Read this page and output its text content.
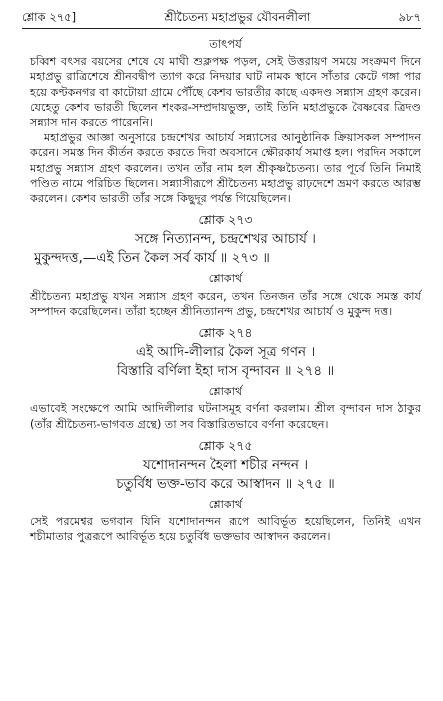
শ্লোক ২৭৫]	শ্রীচৈতন্য মহাপ্রভুর যৌবনলীলা	৯৮৭
তাৎপর্য

চব্বিশ বৎসর বয়সের শেষে যে মাঘী শুক্লপক্ষ পড়ল, সেই উত্তরায়ণ সময়ে সংক্রমণ দিনে মহাপ্রভু রাত্রিশেষে শ্রীনবদ্বীপ ত্যাগ করে নিদয়ার ঘাট নামক স্থানে সাঁতার কেটে গঙ্গা পার হয়ে কণ্টকনগর বা কাটোয়া গ্রামে পৌঁছে কেশব ভারতীর কাছে একদণ্ড সন্ন্যাস গ্রহণ করেন। যেহেতু কেশব ভারতী ছিলেন শংকর-সম্প্রদায়ভুক্ত, তাই তিনি মহাপ্রভুকে বৈষ্ণবের ত্রিদণ্ড সন্ন্যাস দান করতে পারেননি।

মহাপ্রভুর আজ্ঞা অনুসারে চন্দ্রশেখর আচার্য সন্ন্যাসের আনুষ্ঠানিক ক্রিয়াসকল সম্পাদন করেন। সমস্ত দিন কীর্তন করতে করতে দিবা অবসানে ক্ষৌরকার্য সমাপ্ত হল। পরদিন সকালে মহাপ্রভু সন্ন্যাস গ্রহণ করলেন। তখন তাঁর নাম হল শ্রীকৃষ্ণচৈতন্য। তার পূর্বে তিনি নিমাই পণ্ডিত নামে পরিচিত ছিলেন। সন্ন্যাসীরূপে শ্রীচৈতন্য মহাপ্রভু রাঢ়দেশে ভ্রমণ করতে আরম্ভ করলেন। কেশব ভারতী তাঁর সঙ্গে কিছুদূর পর্যন্ত গিয়েছিলেন।

শ্লোক ২৭৩
সঙ্গে নিত্যানন্দ, চন্দ্রশেখর আচার্য ।
মুকুন্দদত্ত,—এই তিন কৈল সর্ব কার্য ॥ ২৭৩ ॥
শ্লোকার্থ

শ্রীচৈতন্য মহাপ্রভু যখন সন্ন্যাস গ্রহণ করেন, তখন তিনজন তাঁর সঙ্গে থেকে সমস্ত কার্য সম্পাদন করেছিলেন। তাঁরা হচ্ছেন শ্রীনিত্যানন্দ প্রভু, চন্দ্রশেখর আচার্য ও মুকুন্দ দত্ত।

শ্লোক ২৭৪
এই আদি-লীলার কৈল সূত্র গণন ।
বিস্তারি বর্ণিলা ইহা দাস বৃন্দাবন ॥ ২৭৪ ॥
শ্লোকার্থ

এভাবেই সংক্ষেপে আমি আদিলীলার ঘটনাসমূহ বর্ণনা করলাম। শ্রীল বৃন্দাবন দাস ঠাকুর (তাঁর শ্রীচৈতন্য-ভাগবত গ্রন্থে) তা সব বিস্তারিতভাবে বর্ণনা করেছেন।

শ্লোক ২৭৫
যশোদানন্দন হৈলা শচীর নন্দন ।
চতুর্বিধ ভক্ত-ভাব করে আস্বাদন ॥ ২৭৫ ॥
শ্লোকার্থ

সেই পরমেশ্বর ভগবান যিনি যশোদানন্দন রূপে আবির্ভূত হয়েছিলেন, তিনিই এখন শচীমাতার পুত্ররূপে আবির্ভূত হয়ে চতুর্বিধ ভক্তভাব আস্বাদন করলেন।
